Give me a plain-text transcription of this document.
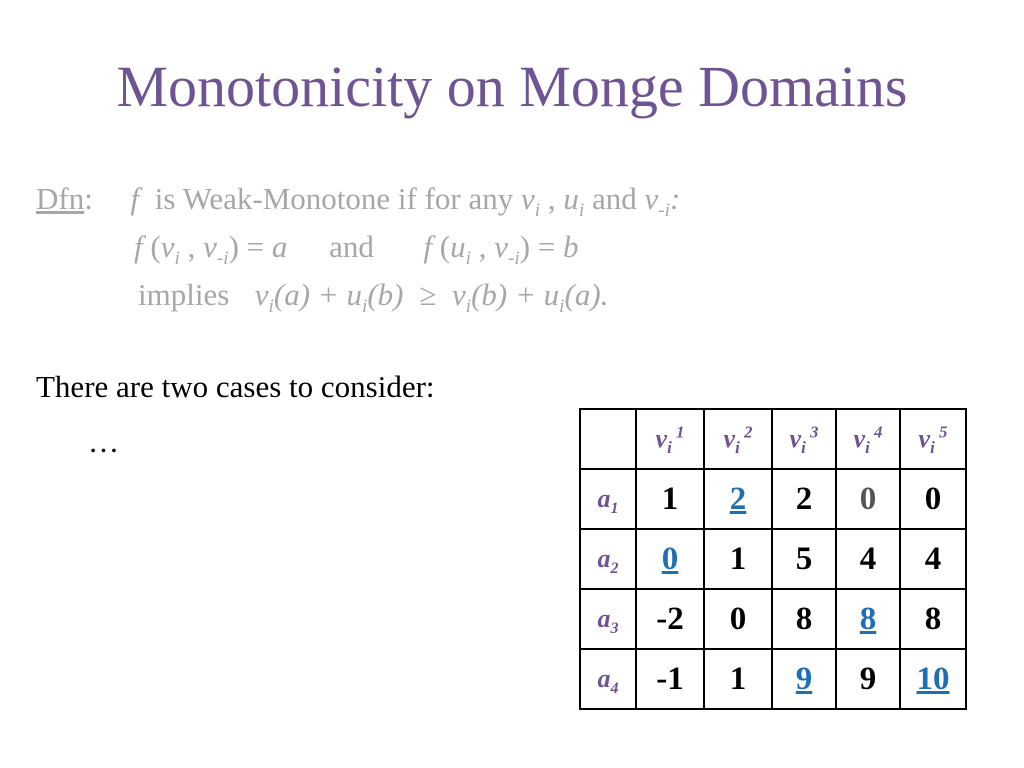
Monotonicity on Monge Domains
Dfn: f is Weak-Monotone if for any $v_i$ , $u_i$ and $v_{-i}$:
f ($v_i$ , $v_{-i}) = a$ and f ($u_i$ , $v_{-i}) = b$
implies $v_i(a) + u_i(b) \ge v_i(b) + u_i(a)$.
There are two cases to consider:
…
		$v_i$ $^1$	$v_i$ $^2$	$v_i$ $^3$	$v_i$ $^4$	$v_i$ $^5$
$a_1$	1	2	2	0	0
$a_2$	0	1	5	4	4
$a_3$	-2	0	8	8	8
$a_4$	-1	1	9	9	10
